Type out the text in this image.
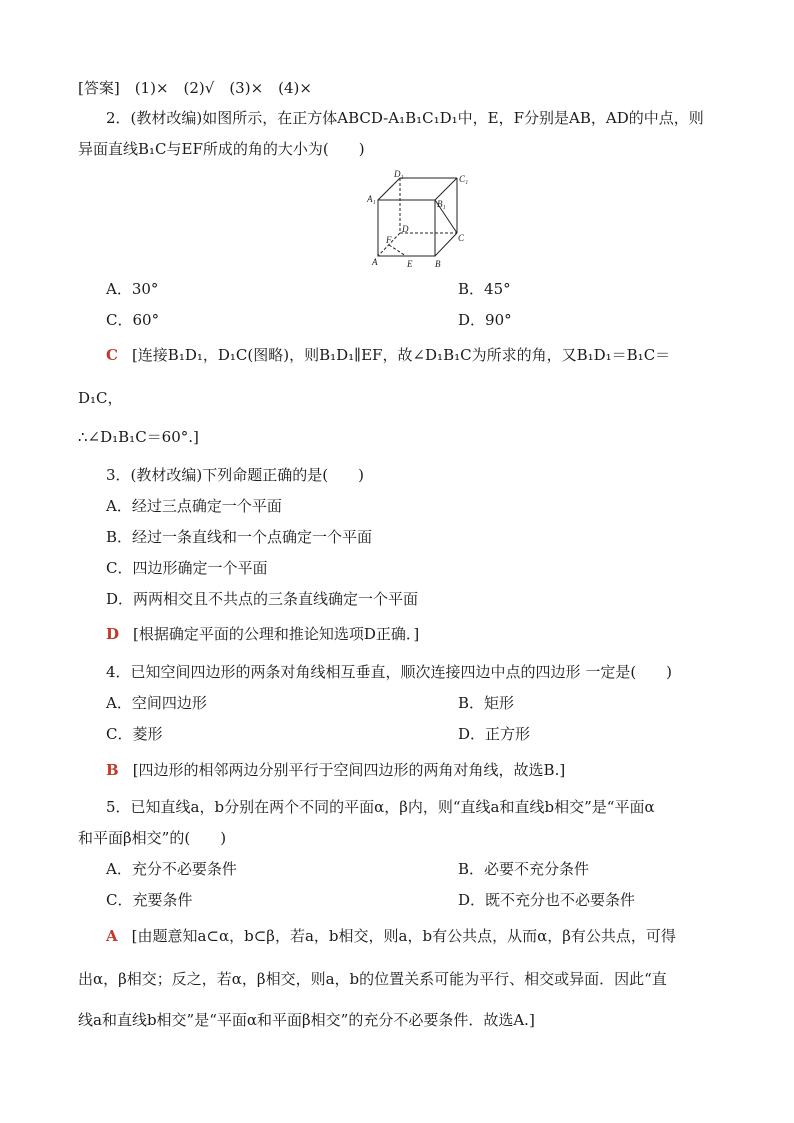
[答案]　(1)×　(2)√　(3)×　(4)×
2．(教材改编)如图所示，在正方体ABCD-A₁B₁C₁D₁中，E，F分别是AB，AD的中点，则
异面直线B₁C与EF所成的角的大小为(　　)
D₁	C₁
A₁	B₁
D
C
F
A	E	B
A．30°	B．45°
C．60°	D．90°
C [连接B₁D₁，D₁C(图略)，则B₁D₁∥EF，故∠D₁B₁C为所求的角，又B₁D₁＝B₁C＝
D₁C，
∴∠D₁B₁C＝60°.]
3．(教材改编)下列命题正确的是(　　)
A．经过三点确定一个平面
B．经过一条直线和一个点确定一个平面
C．四边形确定一个平面
D．两两相交且不共点的三条直线确定一个平面
D [根据确定平面的公理和推论知选项D正确．]
4．已知空间四边形的两条对角线相互垂直，顺次连接四边中点的四边形 一定是(　　)
A．空间四边形	B．矩形
C．菱形	D．正方形
B [四边形的相邻两边分别平行于空间四边形的两角对角线，故选B.]
5．已知直线a，b分别在两个不同的平面α，β内，则“直线a和直线b相交”是“平面α
和平面β相交”的(　　)
A．充分不必要条件	B．必要不充分条件
C．充要条件	D．既不充分也不必要条件
A [由题意知a⊂α，b⊂β，若a，b相交，则a，b有公共点，从而α，β有公共点，可得
出α，β相交；反之，若α，β相交，则a，b的位置关系可能为平行、相交或异面．因此“直
线a和直线b相交”是“平面α和平面β相交”的充分不必要条件．故选A.]
